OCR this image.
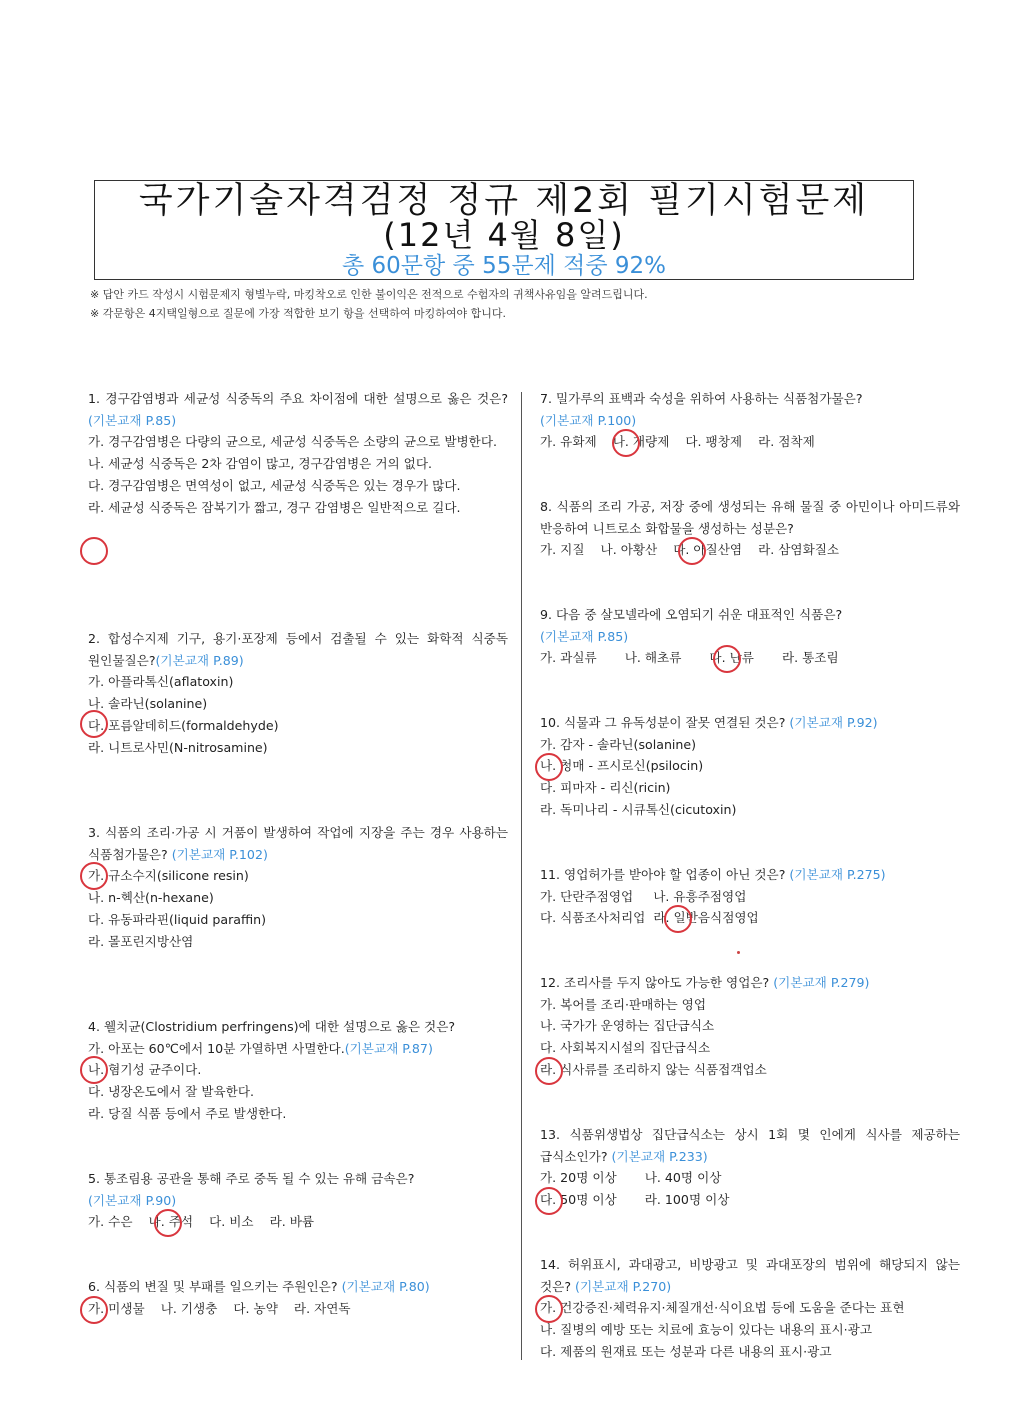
국가기술자격검정 정규 제2회 필기시험문제
(12년 4월 8일)
총 60문항 중 55문제 적중 92%
※ 답안 카드 작성시 시험문제지 형별누락, 마킹착오로 인한 불이익은 전적으로 수험자의 귀책사유임을 알려드립니다.
※ 각문항은 4지택일형으로 질문에 가장 적합한 보기 항을 선택하여 마킹하여야 합니다.

1. 경구감염병과 세균성 식중독의 주요 차이점에 대한 설명으로 옳은 것은? (기본교재 P.85)

가. 경구감염병은 다량의 균으로, 세균성 식중독은 소량의 균으로 발병한다.

나. 세균성 식중독은 2차 감염이 많고, 경구감염병은 거의 없다.

다. 경구감염병은 면역성이 없고, 세균성 식중독은 있는 경우가 많다.

라. 세균성 식중독은 잠복기가 짧고, 경구 감염병은 일반적으로 길다.

2. 합성수지제 기구, 용기·포장제 등에서 검출될 수 있는 화학적 식중독 원인물질은?(기본교재 P.89)

가. 아플라톡신(aflatoxin)

나. 솔라닌(solanine)

다. 포름알데히드(formaldehyde)

라. 니트로사민(N-nitrosamine)

3. 식품의 조리·가공 시 거품이 발생하여 작업에 지장을 주는 경우 사용하는 식품첨가물은? (기본교재 P.102)

가. 규소수지(silicone resin)

나. n-헥산(n-hexane)

다. 유동파라핀(liquid paraffin)

라. 몰포린지방산염

4. 웰치균(Clostridium perfringens)에 대한 설명으로 옳은 것은?

가. 아포는 60℃에서 10분 가열하면 사멸한다.(기본교재 P.87)

나. 혐기성 균주이다.

다. 냉장온도에서 잘 발육한다.

라. 당질 식품 등에서 주로 발생한다.

5. 통조림용 공관을 통해 주로 중독 될 수 있는 유해 금속은?

(기본교재 P.90)

가. 수은 나. 주석 다. 비소 라. 바륨

6. 식품의 변질 및 부패를 일으키는 주원인은? (기본교재 P.80)

가. 미생물 나. 기생충 다. 농약 라. 자연독

7. 밀가루의 표백과 숙성을 위하여 사용하는 식품첨가물은?

(기본교재 P.100)

가. 유화제 나. 개량제 다. 팽창제 라. 점착제

8. 식품의 조리 가공, 저장 중에 생성되는 유해 물질 중 아민이나 아미드류와 반응하여 니트로소 화합물을 생성하는 성분은?

가. 지질 나. 아황산 다. 아질산염 라. 삼염화질소

9. 다음 중 살모넬라에 오염되기 쉬운 대표적인 식품은?

(기본교재 P.85)

가. 과실류 나. 해초류 다. 난류 라. 통조림

10. 식물과 그 유독성분이 잘못 연결된 것은? (기본교재 P.92)

가. 감자 - 솔라닌(solanine)

나. 청매 - 프시로신(psilocin)

다. 피마자 - 리신(ricin)

라. 독미나리 - 시큐톡신(cicutoxin)

11. 영업허가를 받아야 할 업종이 아닌 것은? (기본교재 P.275)

가. 단란주점영업 나. 유흥주점영업

다. 식품조사처리업 라. 일반음식점영업

12. 조리사를 두지 않아도 가능한 영업은? (기본교재 P.279)

가. 복어를 조리·판매하는 영업

나. 국가가 운영하는 집단급식소

다. 사회복지시설의 집단급식소

라. 식사류를 조리하지 않는 식품접객업소

13. 식품위생법상 집단급식소는 상시 1회 몇 인에게 식사를 제공하는 급식소인가? (기본교재 P.233)

가. 20명 이상 나. 40명 이상

다. 50명 이상 라. 100명 이상

14. 허위표시, 과대광고, 비방광고 및 과대포장의 범위에 해당되지 않는 것은? (기본교재 P.270)

가. 건강증진·체력유지·체질개선·식이요법 등에 도움을 준다는 표현

나. 질병의 예방 또는 치료에 효능이 있다는 내용의 표시·광고

다. 제품의 원재료 또는 성분과 다른 내용의 표시·광고
